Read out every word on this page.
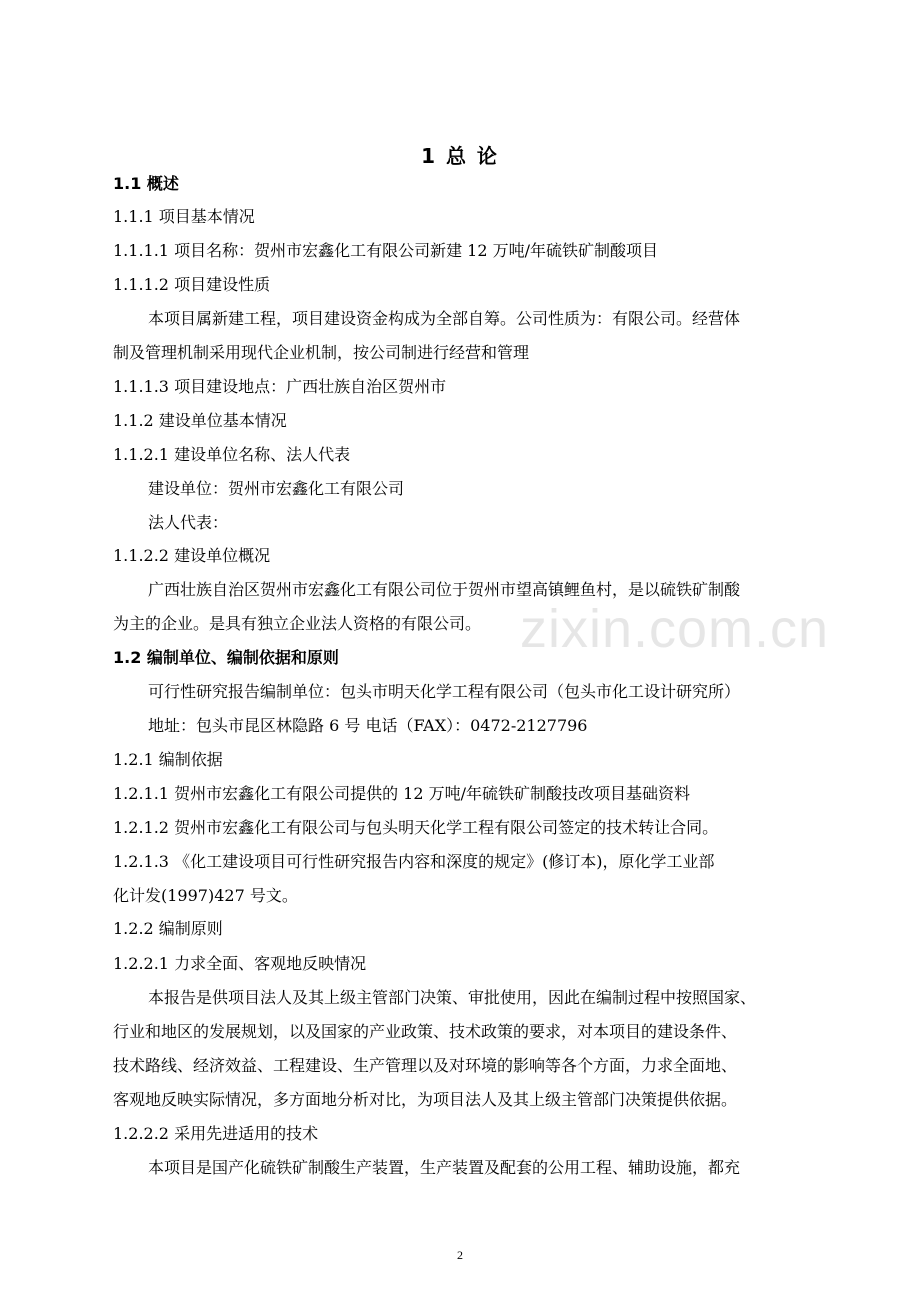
1 总 论
1.1 概述
1.1.1 项目基本情况
1.1.1.1 项目名称：贺州市宏鑫化工有限公司新建 12 万吨/年硫铁矿制酸项目
1.1.1.2 项目建设性质
本项目属新建工程，项目建设资金构成为全部自筹。公司性质为：有限公司。经营体
制及管理机制采用现代企业机制，按公司制进行经营和管理
1.1.1.3 项目建设地点：广西壮族自治区贺州市
1.1.2 建设单位基本情况
1.1.2.1 建设单位名称、法人代表
建设单位：贺州市宏鑫化工有限公司
法人代表：
1.1.2.2 建设单位概况
广西壮族自治区贺州市宏鑫化工有限公司位于贺州市望高镇鲤鱼村，是以硫铁矿制酸
为主的企业。是具有独立企业法人资格的有限公司。
1.2 编制单位、编制依据和原则
可行性研究报告编制单位：包头市明天化学工程有限公司（包头市化工设计研究所）
地址：包头市昆区林隐路 6 号 电话（FAX）：0472-2127796
1.2.1 编制依据
1.2.1.1 贺州市宏鑫化工有限公司提供的 12 万吨/年硫铁矿制酸技改项目基础资料
1.2.1.2 贺州市宏鑫化工有限公司与包头明天化学工程有限公司签定的技术转让合同。
1.2.1.3 《化工建设项目可行性研究报告内容和深度的规定》(修订本)，原化学工业部
化计发(1997)427 号文。
1.2.2 编制原则
1.2.2.1 力求全面、客观地反映情况
本报告是供项目法人及其上级主管部门决策、审批使用，因此在编制过程中按照国家、
行业和地区的发展规划，以及国家的产业政策、技术政策的要求，对本项目的建设条件、
技术路线、经济效益、工程建设、生产管理以及对环境的影响等各个方面，力求全面地、
客观地反映实际情况，多方面地分析对比，为项目法人及其上级主管部门决策提供依据。
1.2.2.2 采用先进适用的技术
本项目是国产化硫铁矿制酸生产装置，生产装置及配套的公用工程、辅助设施，都充
zixin.com.cn
2
